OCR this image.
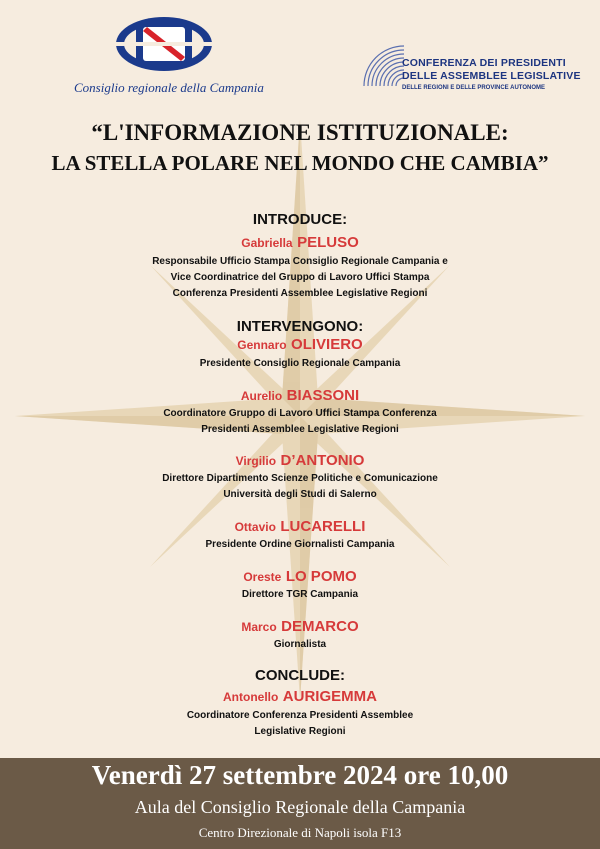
Consiglio regionale della Campania
CONFERENZA DEI PRESIDENTI
DELLE ASSEMBLEE LEGISLATIVE
DELLE REGIONI E DELLE PROVINCE AUTONOME
“L'INFORMAZIONE ISTITUZIONALE:
LA STELLA POLARE NEL MONDO CHE CAMBIA”
INTRODUCE:
Gabriella PELUSO
Responsabile Ufficio Stampa Consiglio Regionale Campania e
Vice Coordinatrice del Gruppo di Lavoro Uffici Stampa
Conferenza Presidenti Assemblee Legislative Regioni
INTERVENGONO:
Gennaro OLIVIERO
Presidente Consiglio Regionale Campania
Aurelio BIASSONI
Coordinatore Gruppo di Lavoro Uffici Stampa Conferenza
Presidenti Assemblee Legislative Regioni
Virgilio D’ANTONIO
Direttore Dipartimento Scienze Politiche e Comunicazione
Università degli Studi di Salerno
Ottavio LUCARELLI
Presidente Ordine Giornalisti Campania
Oreste LO POMO
Direttore TGR Campania
Marco DEMARCO
Giornalista
CONCLUDE:
Antonello AURIGEMMA
Coordinatore Conferenza Presidenti Assemblee
Legislative Regioni
Venerdì 27 settembre 2024 ore 10,00
Aula del Consiglio Regionale della Campania
Centro Direzionale di Napoli isola F13
